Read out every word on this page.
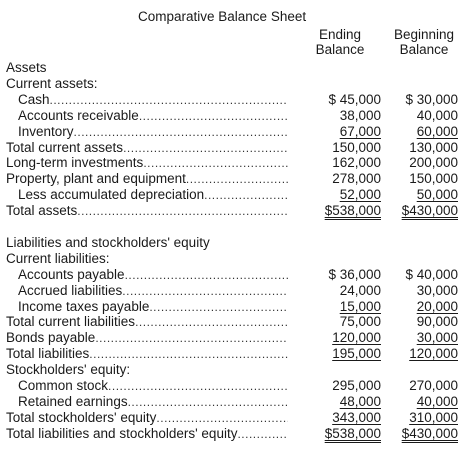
Comparative Balance Sheet
Ending
Balance
Beginning
Balance
Assets
Current assets:
Cash .....	$ 45,000 $ 30,000
Accounts receivable .....	38,000	40,000
Inventory .....	67,000	60,000
Total current assets .....	150,000 130,000
Long-term investments .....	162,000 200,000
Property, plant and equipment .....	278,000 150,000
Less accumulated depreciation .....	52,000	50,000
Total assets .....	$538,000 $430,000
Liabilities and stockholders' equity
Current liabilities:
Accounts payable .....	$ 36,000 $ 40,000
Accrued liabilities .....	24,000	30,000
Income taxes payable .....	15,000	20,000
Total current liabilities .....	75,000	90,000
Bonds payable .....	120,000	30,000
Total liabilities .....	195,000 120,000
Stockholders' equity:
Common stock .....	295,000 270,000
Retained earnings .....	48,000	40,000
Total stockholders' equity .....	343,000 310,000
Total liabilities and stockholders' equity .....	$538,000 $430,000
